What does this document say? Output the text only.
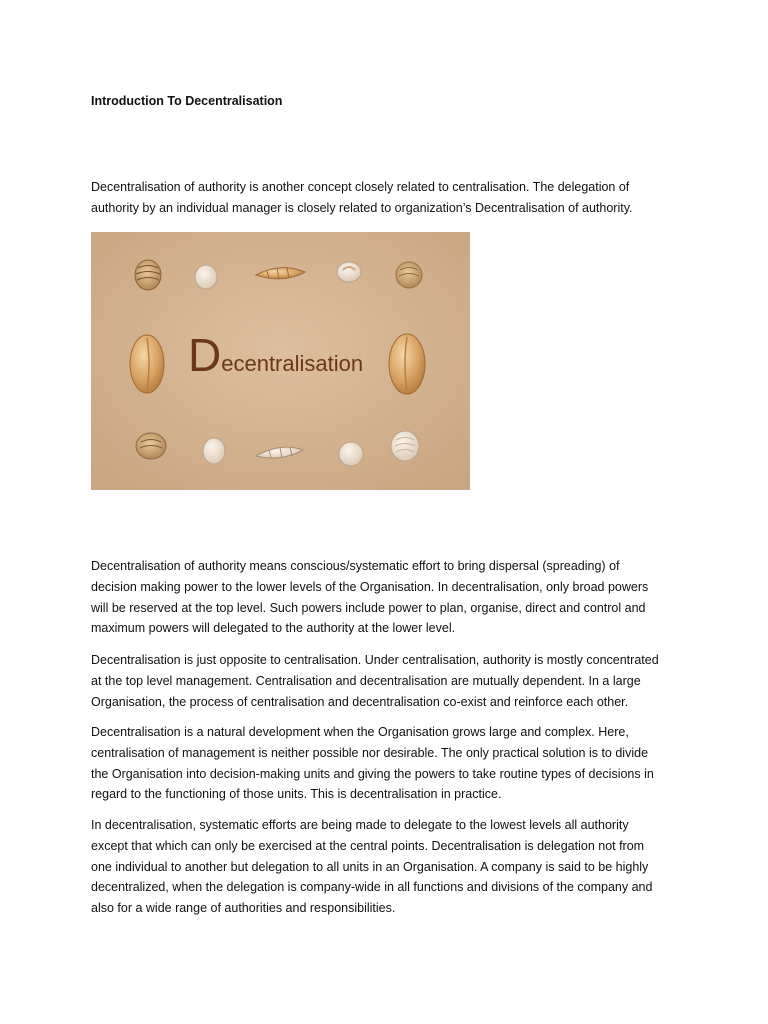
Introduction To Decentralisation

Decentralisation of authority is another concept closely related to centralisation. The delegation of
authority by an individual manager is closely related to organization’s Decentralisation of authority.

Decentralisation

Decentralisation of authority means conscious/systematic effort to bring dispersal (spreading) of
decision making power to the lower levels of the Organisation. In decentralisation, only broad powers
will be reserved at the top level. Such powers include power to plan, organise, direct and control and
maximum powers will delegated to the authority at the lower level.

Decentralisation is just opposite to centralisation. Under centralisation, authority is mostly concentrated
at the top level management. Centralisation and decentralisation are mutually dependent. In a large
Organisation, the process of centralisation and decentralisation co-exist and reinforce each other.

Decentralisation is a natural development when the Organisation grows large and complex. Here,
centralisation of management is neither possible nor desirable. The only practical solution is to divide
the Organisation into decision-making units and giving the powers to take routine types of decisions in
regard to the functioning of those units. This is decentralisation in practice.

In decentralisation, systematic efforts are being made to delegate to the lowest levels all authority
except that which can only be exercised at the central points. Decentralisation is delegation not from
one individual to another but delegation to all units in an Organisation. A company is said to be highly
decentralized, when the delegation is company-wide in all functions and divisions of the company and
also for a wide range of authorities and responsibilities.
